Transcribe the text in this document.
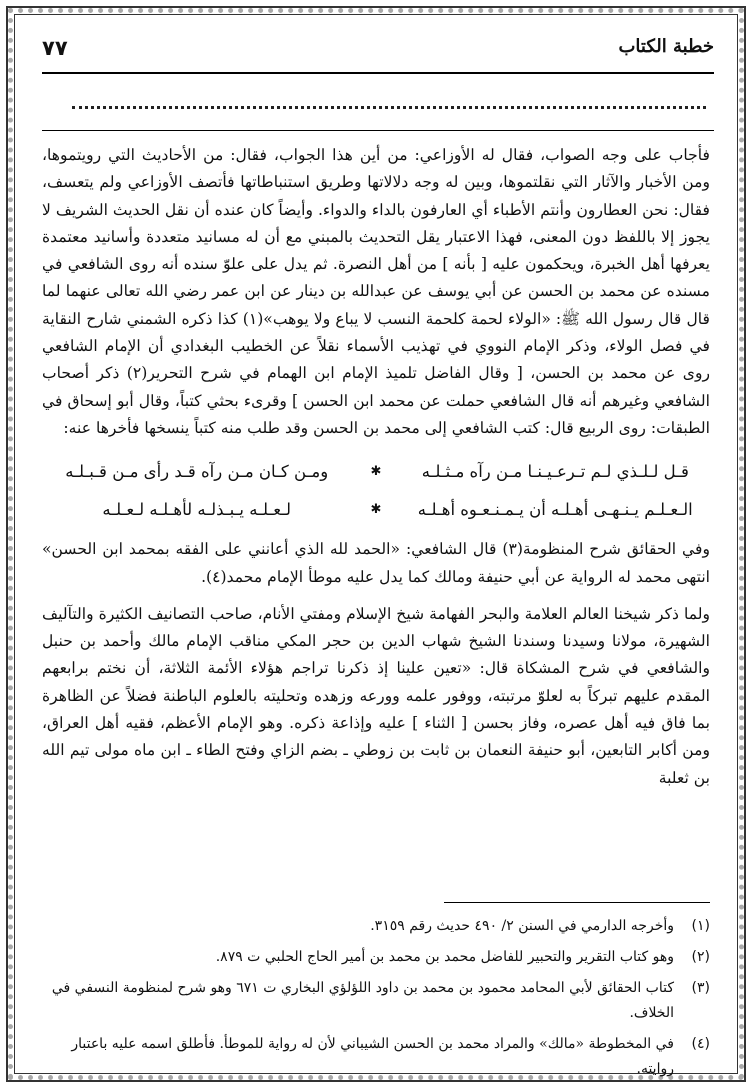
٧٧	خطبة الكتاب

فأجاب على وجه الصواب، فقال له الأوزاعي: من أين هذا الجواب، فقال: من الأحاديث التي رويتموها، ومن الأخبار والآثار التي نقلتموها، وبين له وجه دلالاتها وطريق استنباطاتها فأتصف الأوزاعي ولم يتعسف، فقال: نحن العطارون وأنتم الأطباء أي العارفون بالداء والدواء. وأيضاً كان عنده أن نقل الحديث الشريف لا يجوز إلا باللفظ دون المعنى، فهذا الاعتبار يقل التحديث بالمبني مع أن له مسانيد متعددة وأسانيد معتمدة يعرفها أهل الخبرة، ويحكمون عليه [ بأنه ] من أهل النصرة. ثم يدل على علوّ سنده أنه روى الشافعي في مسنده عن محمد بن الحسن عن أبي يوسف عن عبدالله بن دينار عن ابن عمر رضي الله تعالى عنهما لما قال قال رسول الله ﷺ: «الولاء لحمة كلحمة النسب لا يباع ولا يوهب»(١) كذا ذكره الشمني شارح النقاية في فصل الولاء، وذكر الإمام النووي في تهذيب الأسماء نقلاً عن الخطيب البغدادي أن الإمام الشافعي روى عن محمد بن الحسن، [ وقال الفاضل تلميذ الإمام ابن الهمام في شرح التحرير(٢) ذكر أصحاب الشافعي وغيرهم أنه قال الشافعي حملت عن محمد ابن الحسن ] وقرىء بحثي كتباً، وقال أبو إسحاق في الطبقات: روى الربيع قال: كتب الشافعي إلى محمد بن الحسن وقد طلب منه كتباً ينسخها فأخرها عنه:

قـل لـلـذي لـم تـرعـيـنـا مـن رآه مـثـلـه
✱
ومـن كـان مـن رآه قـد رأى مـن قـبـلـه
الـعـلـم يـنـهـى أهـلـه أن يـمـنـعـوه أهـلـه
✱
لـعـلـه يـبـذلـه لأهـلـه لـعـلـه

وفي الحقائق شرح المنظومة(٣) قال الشافعي: «الحمد لله الذي أعانني على الفقه بمحمد ابن الحسن» انتهى محمد له الرواية عن أبي حنيفة ومالك كما يدل عليه موطأ الإمام محمد(٤).

ولما ذكر شيخنا العالم العلامة والبحر الفهامة شيخ الإسلام ومفتي الأنام، صاحب التصانيف الكثيرة والتآليف الشهيرة، مولانا وسيدنا وسندنا الشيخ شهاب الدين بن حجر المكي مناقب الإمام مالك وأحمد بن حنبل والشافعي في شرح المشكاة قال: «تعين علينا إذ ذكرنا تراجم هؤلاء الأئمة الثلاثة، أن نختم برابعهم المقدم عليهم تبركاً به لعلوّ مرتبته، ووفور علمه وورعه وزهده وتحليته بالعلوم الباطنة فضلاً عن الظاهرة بما فاق فيه أهل عصره، وفاز بحسن [ الثناء ] عليه وإذاعة ذكره. وهو الإمام الأعظم، فقيه أهل العراق، ومن أكابر التابعين، أبو حنيفة النعمان بن ثابت بن زوطي ـ بضم الزاي وفتح الطاء ـ ابن ماه مولى تيم الله بن ثعلبة

(١)
وأخرجه الدارمي في السنن ٢/ ٤٩٠ حديث رقم ٣١٥٩.
(٢)
وهو كتاب التقرير والتحبير للفاضل محمد بن محمد بن أمير الحاج الحلبي ت ٨٧٩.
(٣)
كتاب الحقائق لأبي المحامد محمود بن محمد بن داود اللؤلؤي البخاري ت ٦٧١ وهو شرح لمنظومة النسفي في الخلاف.
(٤)
في المخطوطة «مالك» والمراد محمد بن الحسن الشيباني لأن له رواية للموطأ. فأطلق اسمه عليه باعتبار روايته.
